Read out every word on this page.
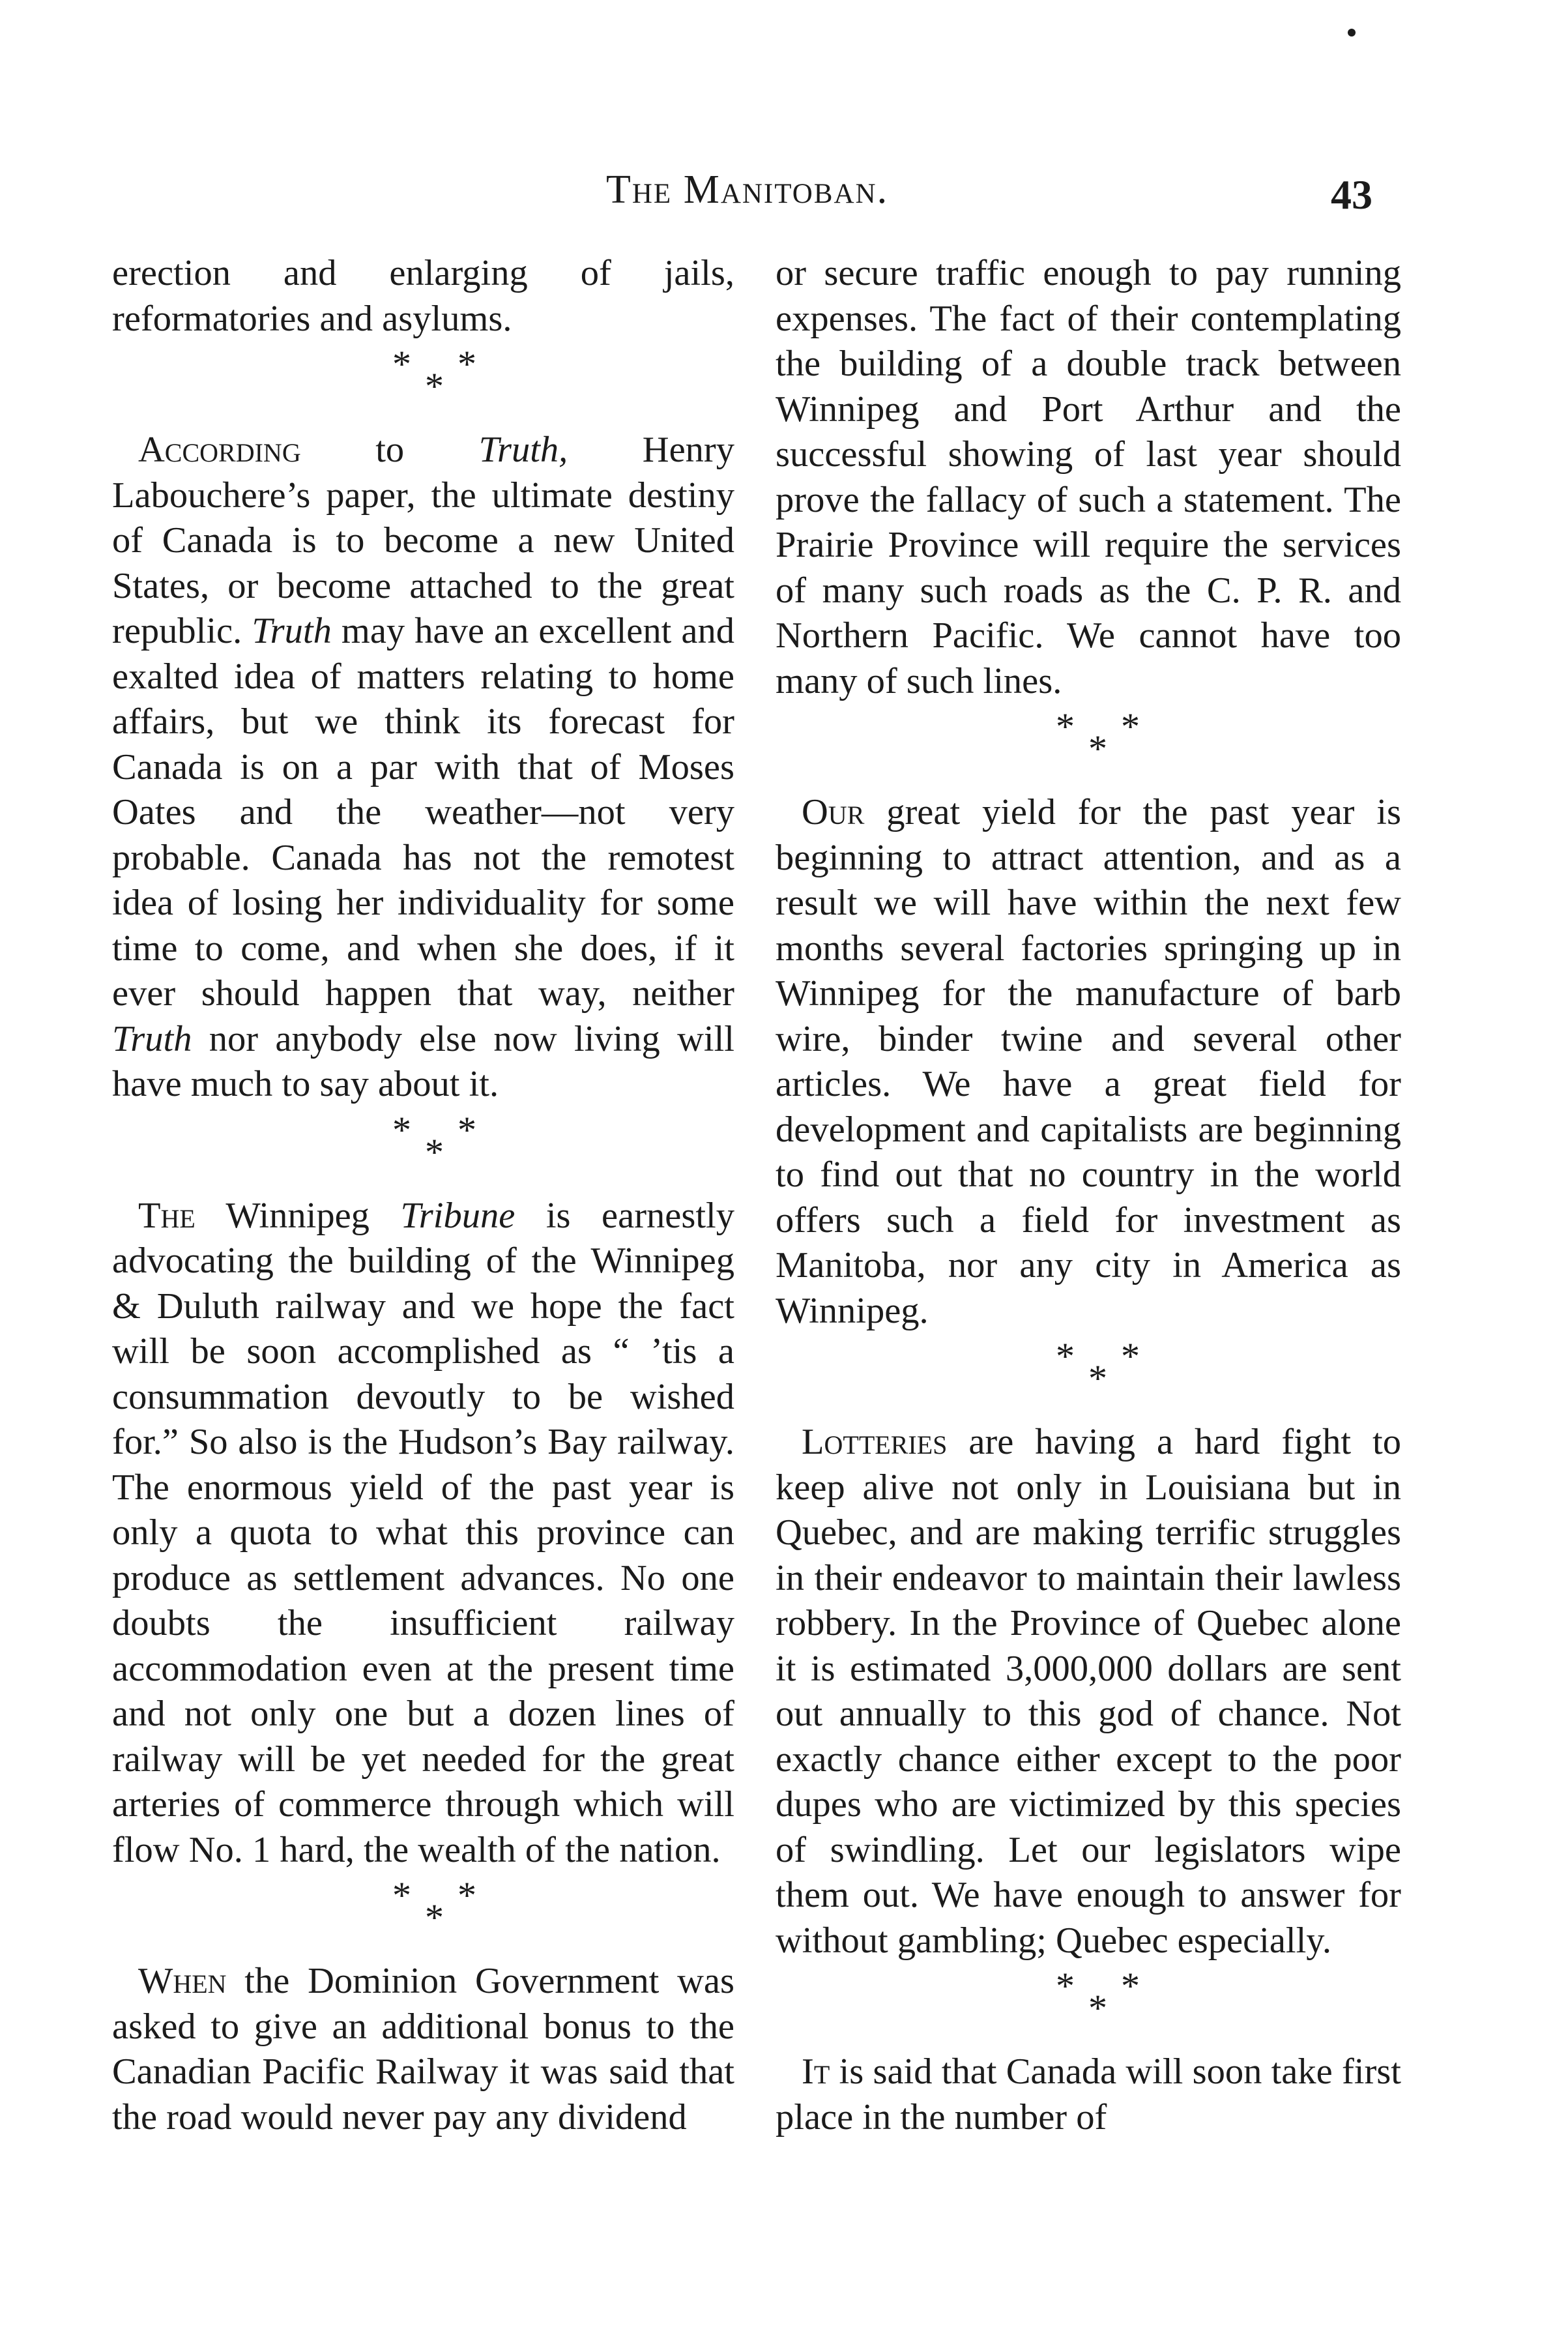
The Manitoban.	43

erection and enlarging of jails, reformatories and asylums.

*
*
*

According to Truth, Henry Labouchere’s paper, the ultimate destiny of Canada is to become a new United States, or become attached to the great republic. Truth may have an excellent and exalted idea of matters relating to home affairs, but we think its forecast for Canada is on a par with that of Moses Oates and the weather—not very probable. Canada has not the remotest idea of losing her individuality for some time to come, and when she does, if it ever should happen that way, neither Truth nor anybody else now living will have much to say about it.

*
*
*

The Winnipeg Tribune is earnestly advocating the building of the Winnipeg & Duluth railway and we hope the fact will be soon accomplished as “ ’tis a consummation devoutly to be wished for.” So also is the Hudson’s Bay railway. The enormous yield of the past year is only a quota to what this province can produce as settlement advances. No one doubts the insufficient railway accommodation even at the present time and not only one but a dozen lines of railway will be yet needed for the great arteries of commerce through which will flow No. 1 hard, the wealth of the nation.

*
*
*

When the Dominion Government was asked to give an additional bonus to the Canadian Pacific Railway it was said that the road would never pay any dividend

or secure traffic enough to pay running expenses. The fact of their contemplating the building of a double track between Winnipeg and Port Arthur and the successful showing of last year should prove the fallacy of such a statement. The Prairie Province will require the services of many such roads as the C. P. R. and Northern Pacific. We cannot have too many of such lines.

*
*
*

Our great yield for the past year is beginning to attract attention, and as a result we will have within the next few months several factories springing up in Winnipeg for the manufacture of barb wire, binder twine and several other articles. We have a great field for development and capitalists are beginning to find out that no country in the world offers such a field for investment as Manitoba, nor any city in America as Winnipeg.

*
*
*

Lotteries are having a hard fight to keep alive not only in Louisiana but in Quebec, and are making terrific struggles in their endeavor to maintain their lawless robbery. In the Province of Quebec alone it is estimated 3,000,000 dollars are sent out annually to this god of chance. Not exactly chance either except to the poor dupes who are victimized by this species of swindling. Let our legislators wipe them out. We have enough to answer for without gambling; Quebec especially.

*
*
*

It is said that Canada will soon take first place in the number of
